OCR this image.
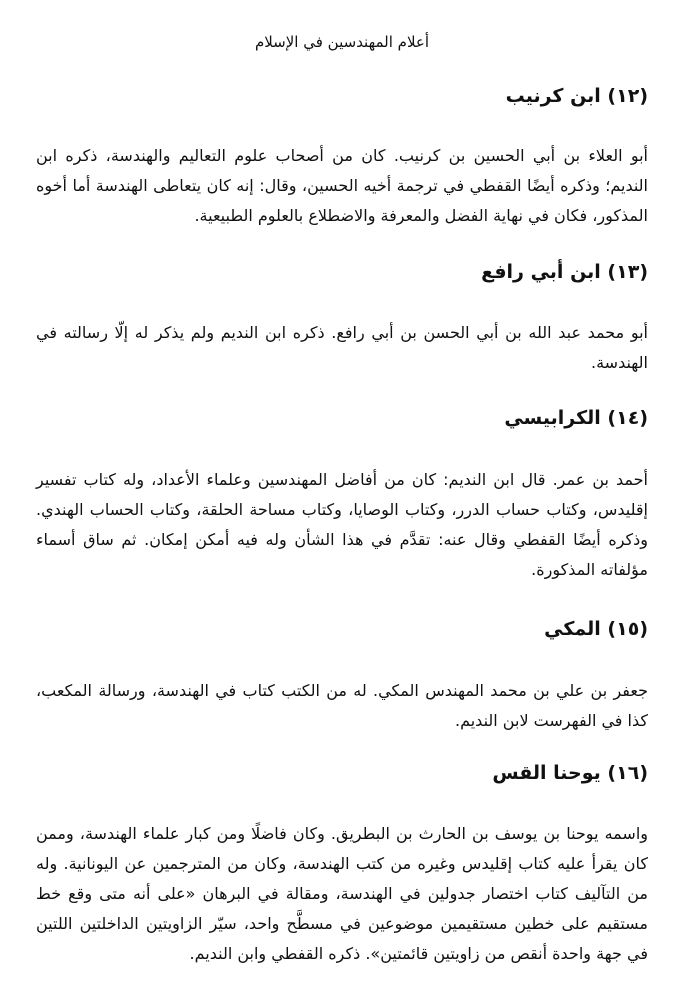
أعلام المهندسين في الإسلام
(١٢) ابن كرنيب

أبو العلاء بن أبي الحسين بن كرنيب. كان من أصحاب علوم التعاليم والهندسة، ذكره ابن النديم؛ وذكره أيضًا القفطي في ترجمة أخيه الحسين، وقال: إنه كان يتعاطى الهندسة أما أخوه المذكور، فكان في نهاية الفضل والمعرفة والاضطلاع بالعلوم الطبيعية.

(١٣) ابن أبي رافع

أبو محمد عبد الله بن أبي الحسن بن أبي رافع. ذكره ابن النديم ولم يذكر له إلّا رسالته في الهندسة.

(١٤) الكرابيسي

أحمد بن عمر. قال ابن النديم: كان من أفاضل المهندسين وعلماء الأعداد، وله كتاب تفسير إقليدس، وكتاب حساب الدرر، وكتاب الوصايا، وكتاب مساحة الحلقة، وكتاب الحساب الهندي. وذكره أيضًا القفطي وقال عنه: تقدَّم في هذا الشأن وله فيه أمكن إمكان. ثم ساق أسماء مؤلفاته المذكورة.

(١٥) المكي

جعفر بن علي بن محمد المهندس المكي. له من الكتب كتاب في الهندسة، ورسالة المكعب، كذا في الفهرست لابن النديم.

(١٦) يوحنا القس

واسمه يوحنا بن يوسف بن الحارث بن البطريق. وكان فاضلًا ومن كبار علماء الهندسة، وممن كان يقرأ عليه كتاب إقليدس وغيره من كتب الهندسة، وكان من المترجمين عن اليونانية. وله من التآليف كتاب اختصار جدولين في الهندسة، ومقالة في البرهان «على أنه متى وقع خط مستقيم على خطين مستقيمين موضوعين في مسطَّح واحد، سيّر الزاويتين الداخلتين اللتين في جهة واحدة أنقص من زاويتين قائمتين». ذكره القفطي وابن النديم.
